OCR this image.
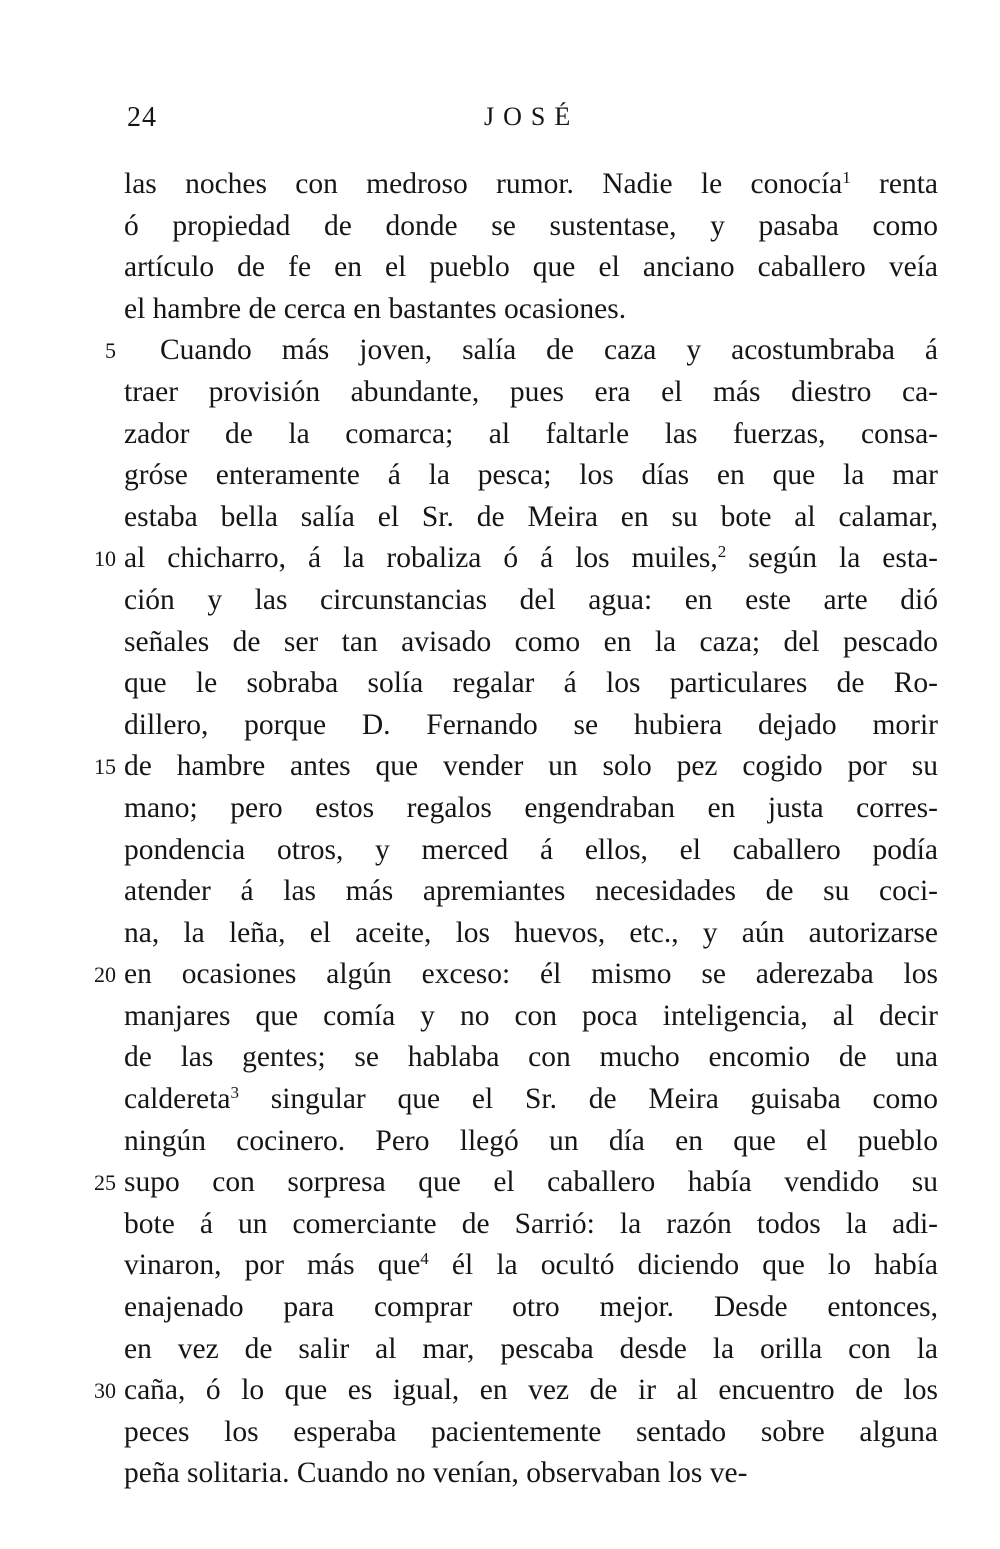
24	JOSÉ
las noches con medroso rumor. Nadie le conocía$^1$ renta
ó propiedad de donde se sustentase, y pasaba como
artículo de fe en el pueblo que el anciano caballero veía
el hambre de cerca en bastantes ocasiones.
5 Cuando más joven, salía de caza y acostumbraba á
traer provisión abundante, pues era el más diestro ca-
zador de la comarca; al faltarle las fuerzas, consa-
gróse enteramente á la pesca; los días en que la mar
estaba bella salía el Sr. de Meira en su bote al calamar,
10 al chicharro, á la robaliza ó á los muiles,$^2$ según la esta-
ción y las circunstancias del agua: en este arte dió
señales de ser tan avisado como en la caza; del pescado
que le sobraba solía regalar á los particulares de Ro-
dillero, porque D. Fernando se hubiera dejado morir
15 de hambre antes que vender un solo pez cogido por su
mano; pero estos regalos engendraban en justa corres-
pondencia otros, y merced á ellos, el caballero podía
atender á las más apremiantes necesidades de su coci-
na, la leña, el aceite, los huevos, etc., y aún autorizarse
20 en ocasiones algún exceso: él mismo se aderezaba los
manjares que comía y no con poca inteligencia, al decir
de las gentes; se hablaba con mucho encomio de una
caldereta$^3$ singular que el Sr. de Meira guisaba como
ningún cocinero. Pero llegó un día en que el pueblo
25 supo con sorpresa que el caballero había vendido su
bote á un comerciante de Sarrió: la razón todos la adi-
vinaron, por más que$^4$ él la ocultó diciendo que lo había
enajenado para comprar otro mejor. Desde entonces,
en vez de salir al mar, pescaba desde la orilla con la
30 caña, ó lo que es igual, en vez de ir al encuentro de los
peces los esperaba pacientemente sentado sobre alguna
peña solitaria. Cuando no venían, observaban los ve-
